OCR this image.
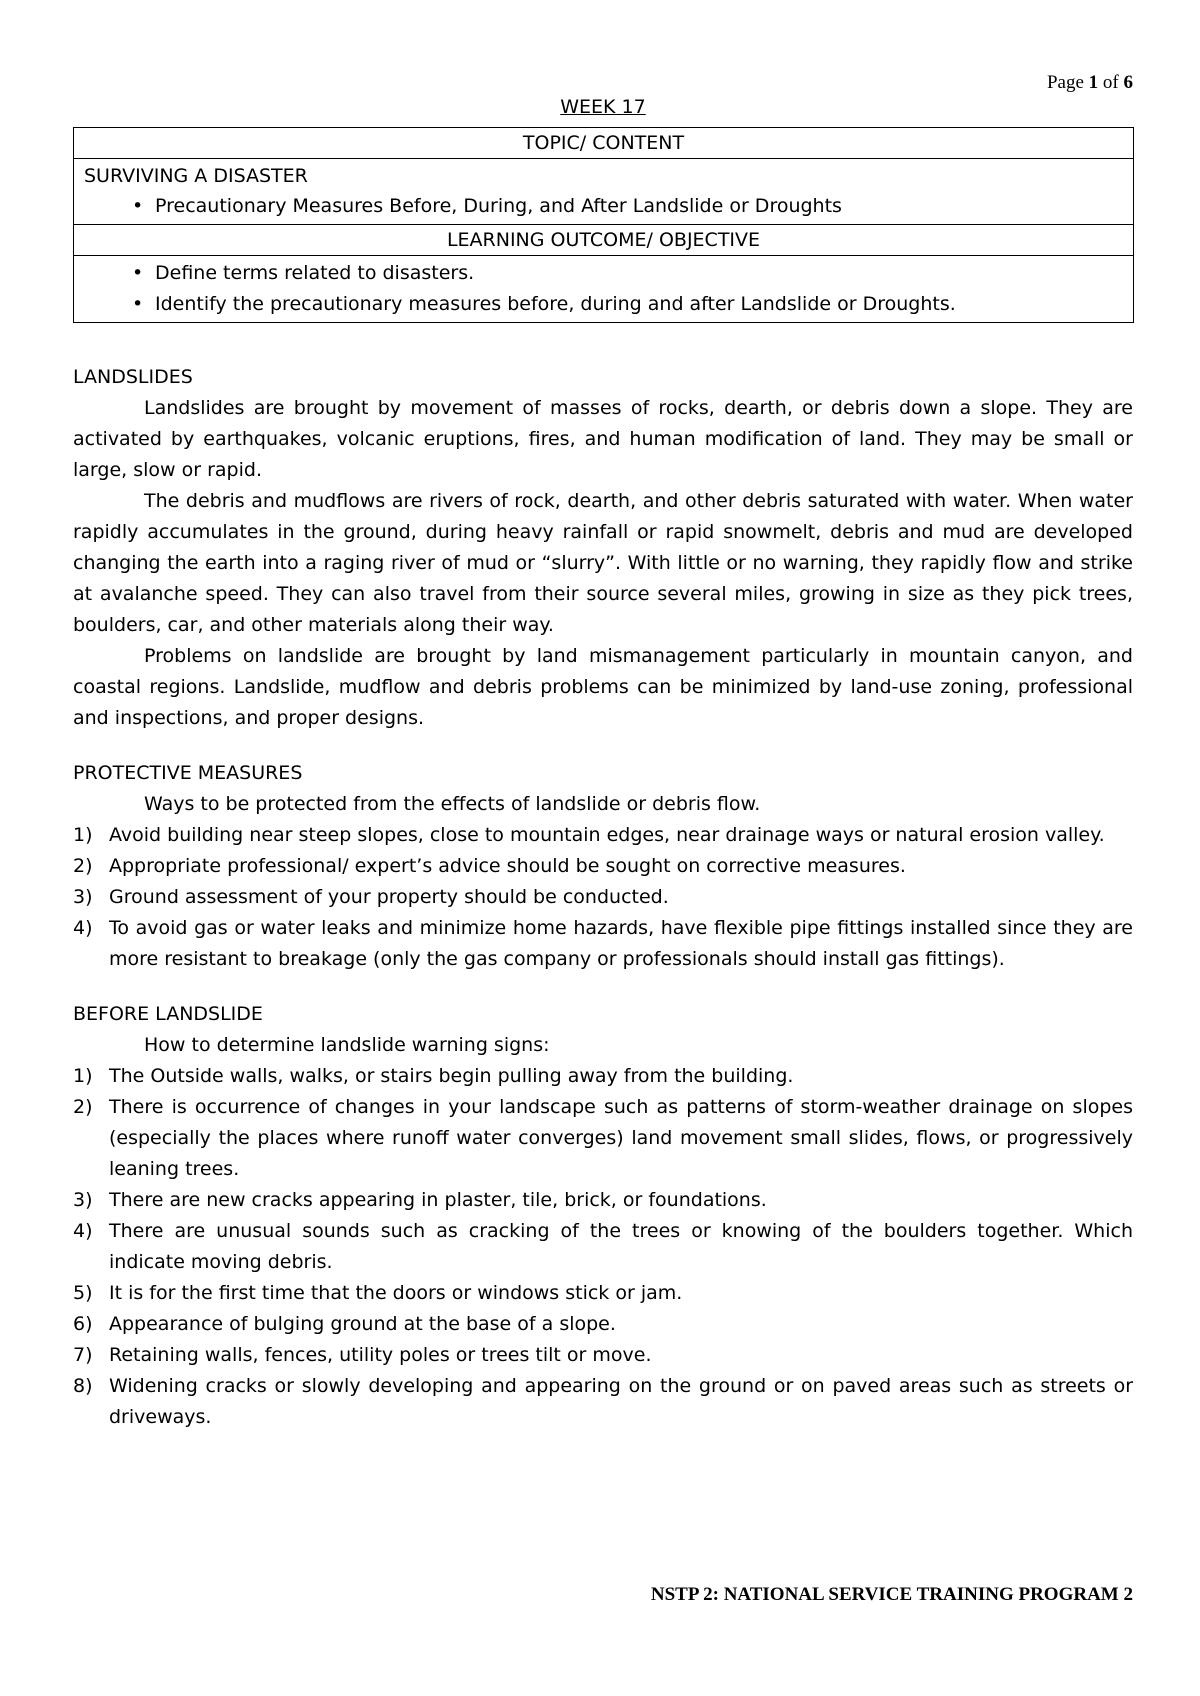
Page 1 of 6
WEEK 17
TOPIC/ CONTENT

SURVIVING A DISASTER
• Precautionary Measures Before, During, and After Landslide or Droughts

LEARNING OUTCOME/ OBJECTIVE

• Define terms related to disasters.
• Identify the precautionary measures before, during and after Landslide or Droughts.
LANDSLIDES

Landslides are brought by movement of masses of rocks, dearth, or debris down a slope. They are activated by earthquakes, volcanic eruptions, fires, and human modification of land. They may be small or large, slow or rapid.

The debris and mudflows are rivers of rock, dearth, and other debris saturated with water. When water rapidly accumulates in the ground, during heavy rainfall or rapid snowmelt, debris and mud are developed changing the earth into a raging river of mud or “slurry”. With little or no warning, they rapidly flow and strike at avalanche speed. They can also travel from their source several miles, growing in size as they pick trees, boulders, car, and other materials along their way.

Problems on landslide are brought by land mismanagement particularly in mountain canyon, and coastal regions. Landslide, mudflow and debris problems can be minimized by land-use zoning, professional and inspections, and proper designs.

PROTECTIVE MEASURES

Ways to be protected from the effects of landslide or debris flow.

1) Avoid building near steep slopes, close to mountain edges, near drainage ways or natural erosion valley.
2) Appropriate professional/ expert’s advice should be sought on corrective measures.
3) Ground assessment of your property should be conducted.
4) To avoid gas or water leaks and minimize home hazards, have flexible pipe fittings installed since they are more resistant to breakage (only the gas company or professionals should install gas fittings).
BEFORE LANDSLIDE

How to determine landslide warning signs:

1) The Outside walls, walks, or stairs begin pulling away from the building.
2) There is occurrence of changes in your landscape such as patterns of storm-weather drainage on slopes (especially the places where runoff water converges) land movement small slides, flows, or progressively leaning trees.
3) There are new cracks appearing in plaster, tile, brick, or foundations.
4) There are unusual sounds such as cracking of the trees or knowing of the boulders together. Which indicate moving debris.
5) It is for the first time that the doors or windows stick or jam.
6) Appearance of bulging ground at the base of a slope.
7) Retaining walls, fences, utility poles or trees tilt or move.
8) Widening cracks or slowly developing and appearing on the ground or on paved areas such as streets or driveways.
NSTP 2: NATIONAL SERVICE TRAINING PROGRAM 2
